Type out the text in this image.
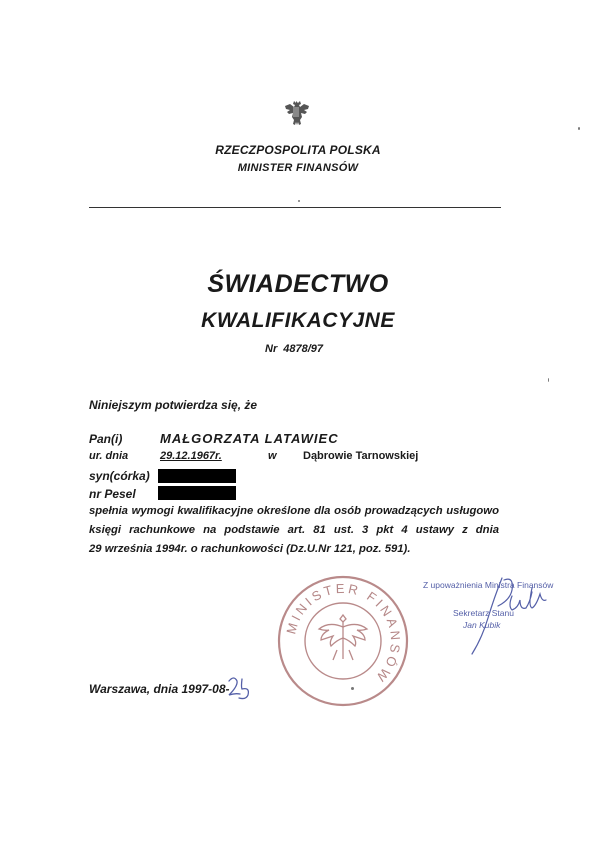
RZECZPOSPOLITA POLSKA
MINISTER FINANSÓW
ŚWIADECTWO
KWALIFIKACYJNE
Nr 4878/97
Niniejszym potwierdza się, że
Pan(i)	MAŁGORZATA LATAWIEC
ur. dnia	29.12.1967r.	w Dąbrowie Tarnowskiej
syn(córka)
nr Pesel
spełnia wymogi kwalifikacyjne określone dla osób prowadzących usługowo
księgi rachunkowe na podstawie art. 81 ust. 3 pkt 4 ustawy z dnia
29 września 1994r. o rachunkowości (Dz.U.Nr 121, poz. 591).
MINISTER FINANSÓW
Z upoważnienia Ministra Finansów
Sekretarz Stanu
Jan Kubik
Warszawa, dnia 1997-08-
